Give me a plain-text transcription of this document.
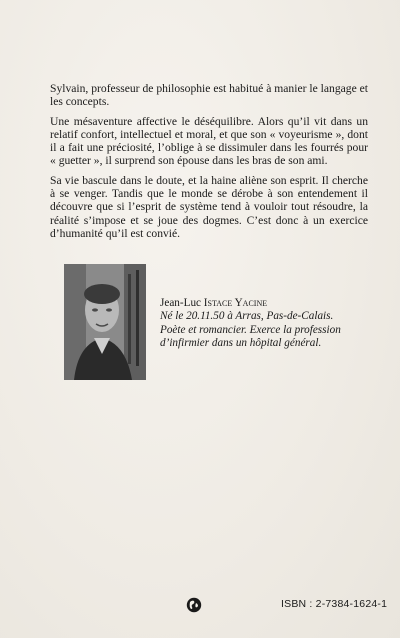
Sylvain, professeur de philosophie est habitué à manier le langage et les concepts.

Une mésaventure affective le déséquilibre. Alors qu’il vit dans un relatif confort, intellectuel et moral, et que son « voyeurisme », dont il a fait une préciosité, l’oblige à se dissimuler dans les fourrés pour « guetter », il surprend son épouse dans les bras de son ami.

Sa vie bascule dans le doute, et la haine aliène son esprit. Il cherche à se venger. Tandis que le monde se dérobe à son entendement il découvre que si l’esprit de système tend à vouloir tout résoudre, la réalité s’impose et se joue des dogmes. C’est donc à un exercice d’humanité qu’il est convié.

Jean-Luc Istace Yacine

Né le 20.11.50 à Arras, Pas-de-Calais. Poète et romancier. Exerce la profession d’infirmier dans un hôpital général.

ISBN : 2-7384-1624-1
